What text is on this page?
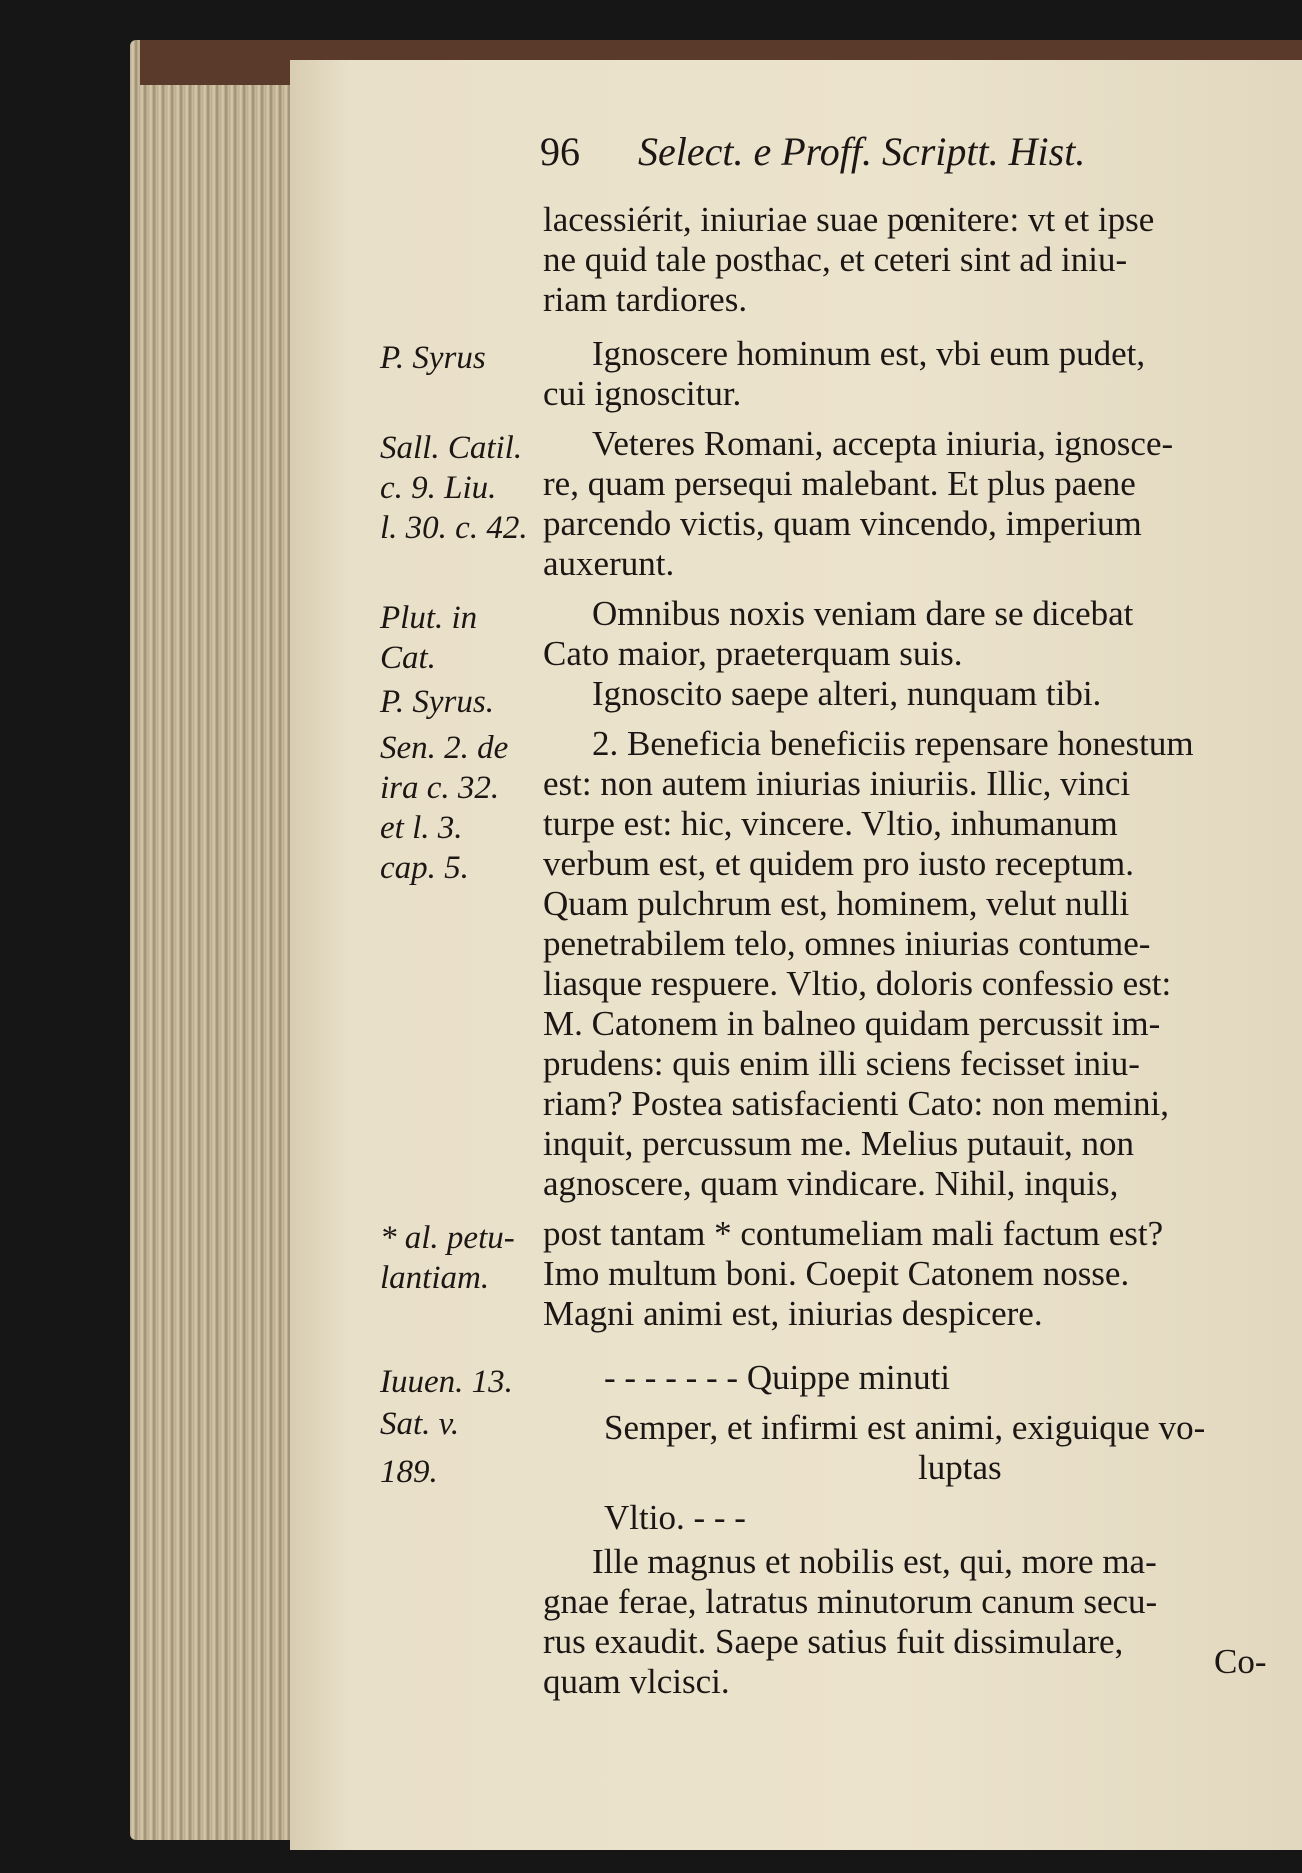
96 Select. e Proff. Scriptt. Hist.
lacessiérit, iniuriae suae pœnitere: vt et ipse
ne quid tale posthac, et ceteri sint ad iniu-
riam tardiores.
Ignoscere hominum est, vbi eum pudet,
cui ignoscitur.
Veteres Romani, accepta iniuria, ignosce-
re, quam persequi malebant. Et plus paene
parcendo victis, quam vincendo, imperium
auxerunt.
Omnibus noxis veniam dare se dicebat
Cato maior, praeterquam suis.
Ignoscito saepe alteri, nunquam tibi.
2. Beneficia beneficiis repensare honestum
est: non autem iniurias iniuriis. Illic, vinci
turpe est: hic, vincere. Vltio, inhumanum
verbum est, et quidem pro iusto receptum.
Quam pulchrum est, hominem, velut nulli
penetrabilem telo, omnes iniurias contume-
liasque respuere. Vltio, doloris confessio est:
M. Catonem in balneo quidam percussit im-
prudens: quis enim illi sciens fecisset iniu-
riam? Postea satisfacienti Cato: non memini,
inquit, percussum me. Melius putauit, non
agnoscere, quam vindicare. Nihil, inquis,
post tantam * contumeliam mali factum est?
Imo multum boni. Coepit Catonem nosse.
Magni animi est, iniurias despicere.
- - - - - - - Quippe minuti
Semper, et infirmi est animi, exiguique vo-
luptas
Vltio. - - -
Ille magnus et nobilis est, qui, more ma-
gnae ferae, latratus minutorum canum secu-
rus exaudit. Saepe satius fuit dissimulare,
quam vlcisci.
Co-
P. Syrus
Sall. Catil.
c. 9. Liu.
l. 30. c. 42.
Plut. in
Cat.
P. Syrus.
Sen. 2. de
ira c. 32.
et l. 3.
cap. 5.
* al. petu-
lantiam.
Iuuen. 13.
Sat. v.
189.
